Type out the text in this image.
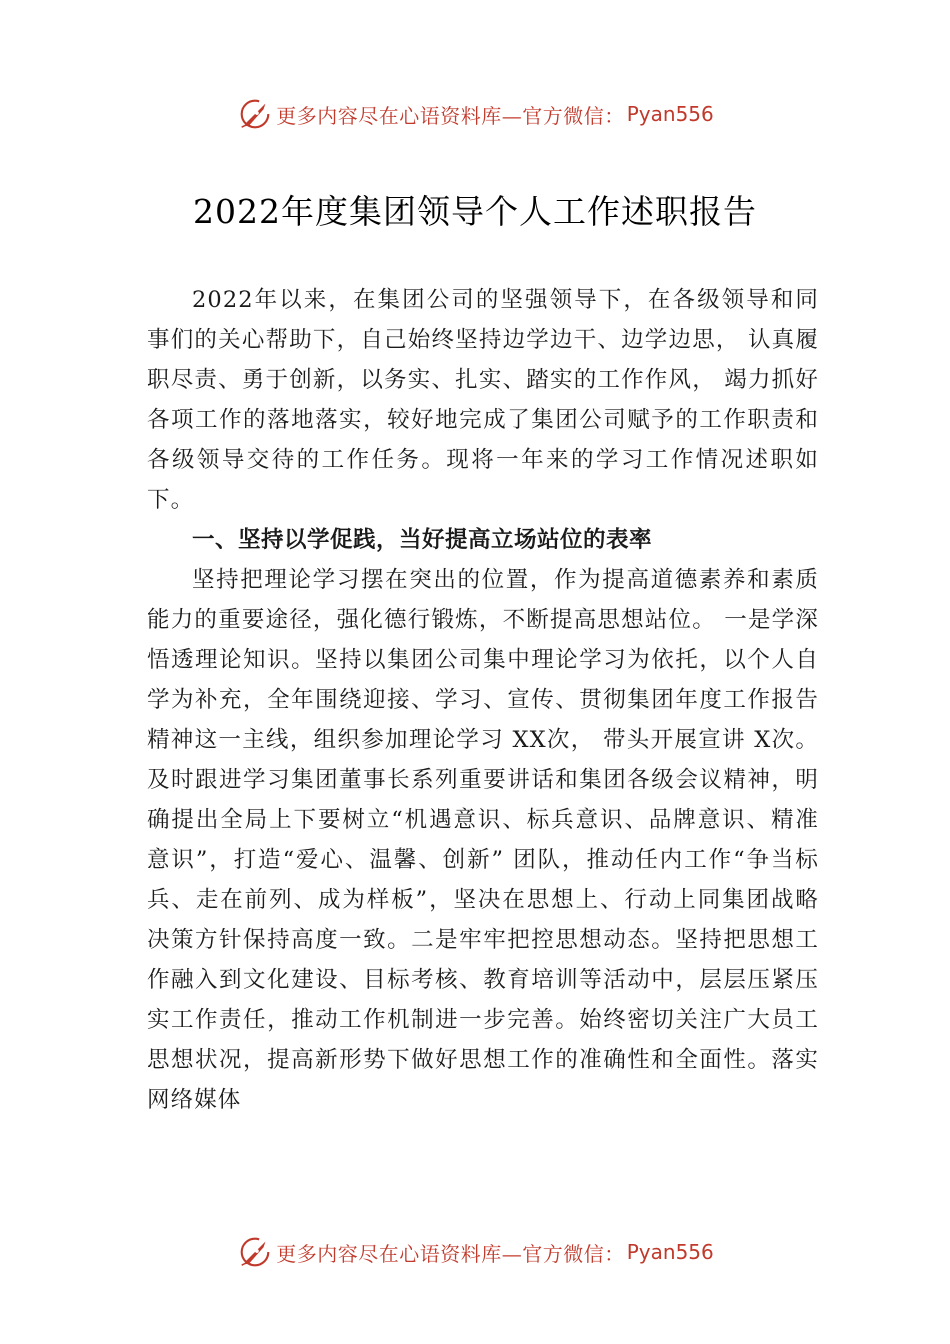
更多内容尽在心语资料库—官方微信： Pyan556
2022年度集团领导个人工作述职报告

2022年以来，在集团公司的坚强领导下，在各级领导和同事们的关心帮助下，自己始终坚持边学边干、边学边思， 认真履职尽责、勇于创新，以务实、扎实、踏实的工作作风， 竭力抓好各项工作的落地落实，较好地完成了集团公司赋予的工作职责和各级领导交待的工作任务。现将一年来的学习工作情况述职如下。

一、坚持以学促践，当好提高立场站位的表率

坚持把理论学习摆在突出的位置，作为提高道德素养和素质能力的重要途径，强化德行锻炼，不断提高思想站位。 一是学深悟透理论知识。坚持以集团公司集中理论学习为依托，以个人自学为补充，全年围绕迎接、学习、宣传、贯彻集团年度工作报告精神这一主线，组织参加理论学习 XX次， 带头开展宣讲 X次。及时跟进学习集团董事长系列重要讲话和集团各级会议精神，明确提出全局上下要树立“机遇意识、标兵意识、品牌意识、精准意识”，打造“爱心、温馨、创新” 团队，推动任内工作“争当标兵、走在前列、成为样板”，坚决在思想上、行动上同集团战略决策方针保持高度一致。二是牢牢把控思想动态。坚持把思想工作融入到文化建设、目标考核、教育培训等活动中，层层压紧压实工作责任，推动工作机制进一步完善。始终密切关注广大员工思想状况，提高新形势下做好思想工作的准确性和全面性。落实网络媒体

更多内容尽在心语资料库—官方微信： Pyan556
